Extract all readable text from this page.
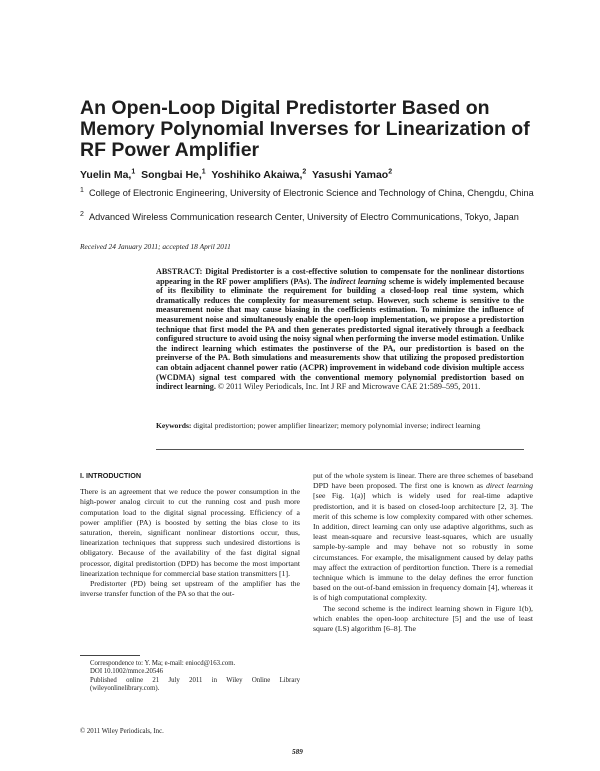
An Open-Loop Digital Predistorter Based on Memory Polynomial Inverses for Linearization of RF Power Amplifier
Yuelin Ma,$^1$ Songbai He,$^1$ Yoshihiko Akaiwa,$^2$ Yasushi Yamao$^2$
$^1$ College of Electronic Engineering, University of Electronic Science and Technology of China, Chengdu, China
$^2$ Advanced Wireless Communication research Center, University of Electro Communications, Tokyo, Japan
Received 24 January 2011; accepted 18 April 2011
ABSTRACT: Digital Predistorter is a cost-effective solution to compensate for the nonlinear distortions appearing in the RF power amplifiers (PAs). The indirect learning scheme is widely implemented because of its flexibility to eliminate the requirement for building a closed-loop real time system, which dramatically reduces the complexity for measurement setup. However, such scheme is sensitive to the measurement noise that may cause biasing in the coefficients estimation. To minimize the influence of measurement noise and simultaneously enable the open-loop implementation, we propose a predistortion technique that first model the PA and then generates predistorted signal iteratively through a feedback configured structure to avoid using the noisy signal when performing the inverse model estimation. Unlike the indirect learning which estimates the postinverse of the PA, our predistortion is based on the preinverse of the PA. Both simulations and measurements show that utilizing the proposed predistortion can obtain adjacent channel power ratio (ACPR) improvement in wideband code division multiple access (WCDMA) signal test compared with the conventional memory polynomial predistortion based on indirect learning. © 2011 Wiley Periodicals, Inc. Int J RF and Microwave CAE 21:589–595, 2011.
Keywords: digital predistortion; power amplifier linearizer; memory polynomial inverse; indirect learning
I. INTRODUCTION

There is an agreement that we reduce the power consumption in the high-power analog circuit to cut the running cost and push more computation load to the digital signal processing. Efficiency of a power amplifier (PA) is boosted by setting the bias close to its saturation, therein, significant nonlinear distortions occur, thus, linearization techniques that suppress such undesired distortions is obligatory. Because of the availability of the fast digital signal processor, digital predistortion (DPD) has become the most important linearization technique for commercial base station transmitters [1].

Predistorter (PD) being set upstream of the amplifier has the inverse transfer function of the PA so that the out-

put of the whole system is linear. There are three schemes of baseband DPD have been proposed. The first one is known as direct learning [see Fig. 1(a)] which is widely used for real-time adaptive predistortion, and it is based on closed-loop architecture [2, 3]. The merit of this scheme is low complexity compared with other schemes. In addition, direct learning can only use adaptive algorithms, such as least mean-square and recursive least-squares, which are usually sample-by-sample and may behave not so robustly in some circumstances. For example, the misalignment caused by delay paths may affect the extraction of perditortion function. There is a remedial technique which is immune to the delay defines the error function based on the out-of-band emission in frequency domain [4], whereas it is of high computational complexity.

The second scheme is the indirect learning shown in Figure 1(b), which enables the open-loop architecture [5] and the use of least square (LS) algorithm [6–8]. The

Correspondence to: Y. Ma; e-mail: eniocd@163.com.

DOI 10.1002/mmce.20546

Published online 21 July 2011 in Wiley Online Library (wileyonlinelibrary.com).

© 2011 Wiley Periodicals, Inc.
589
